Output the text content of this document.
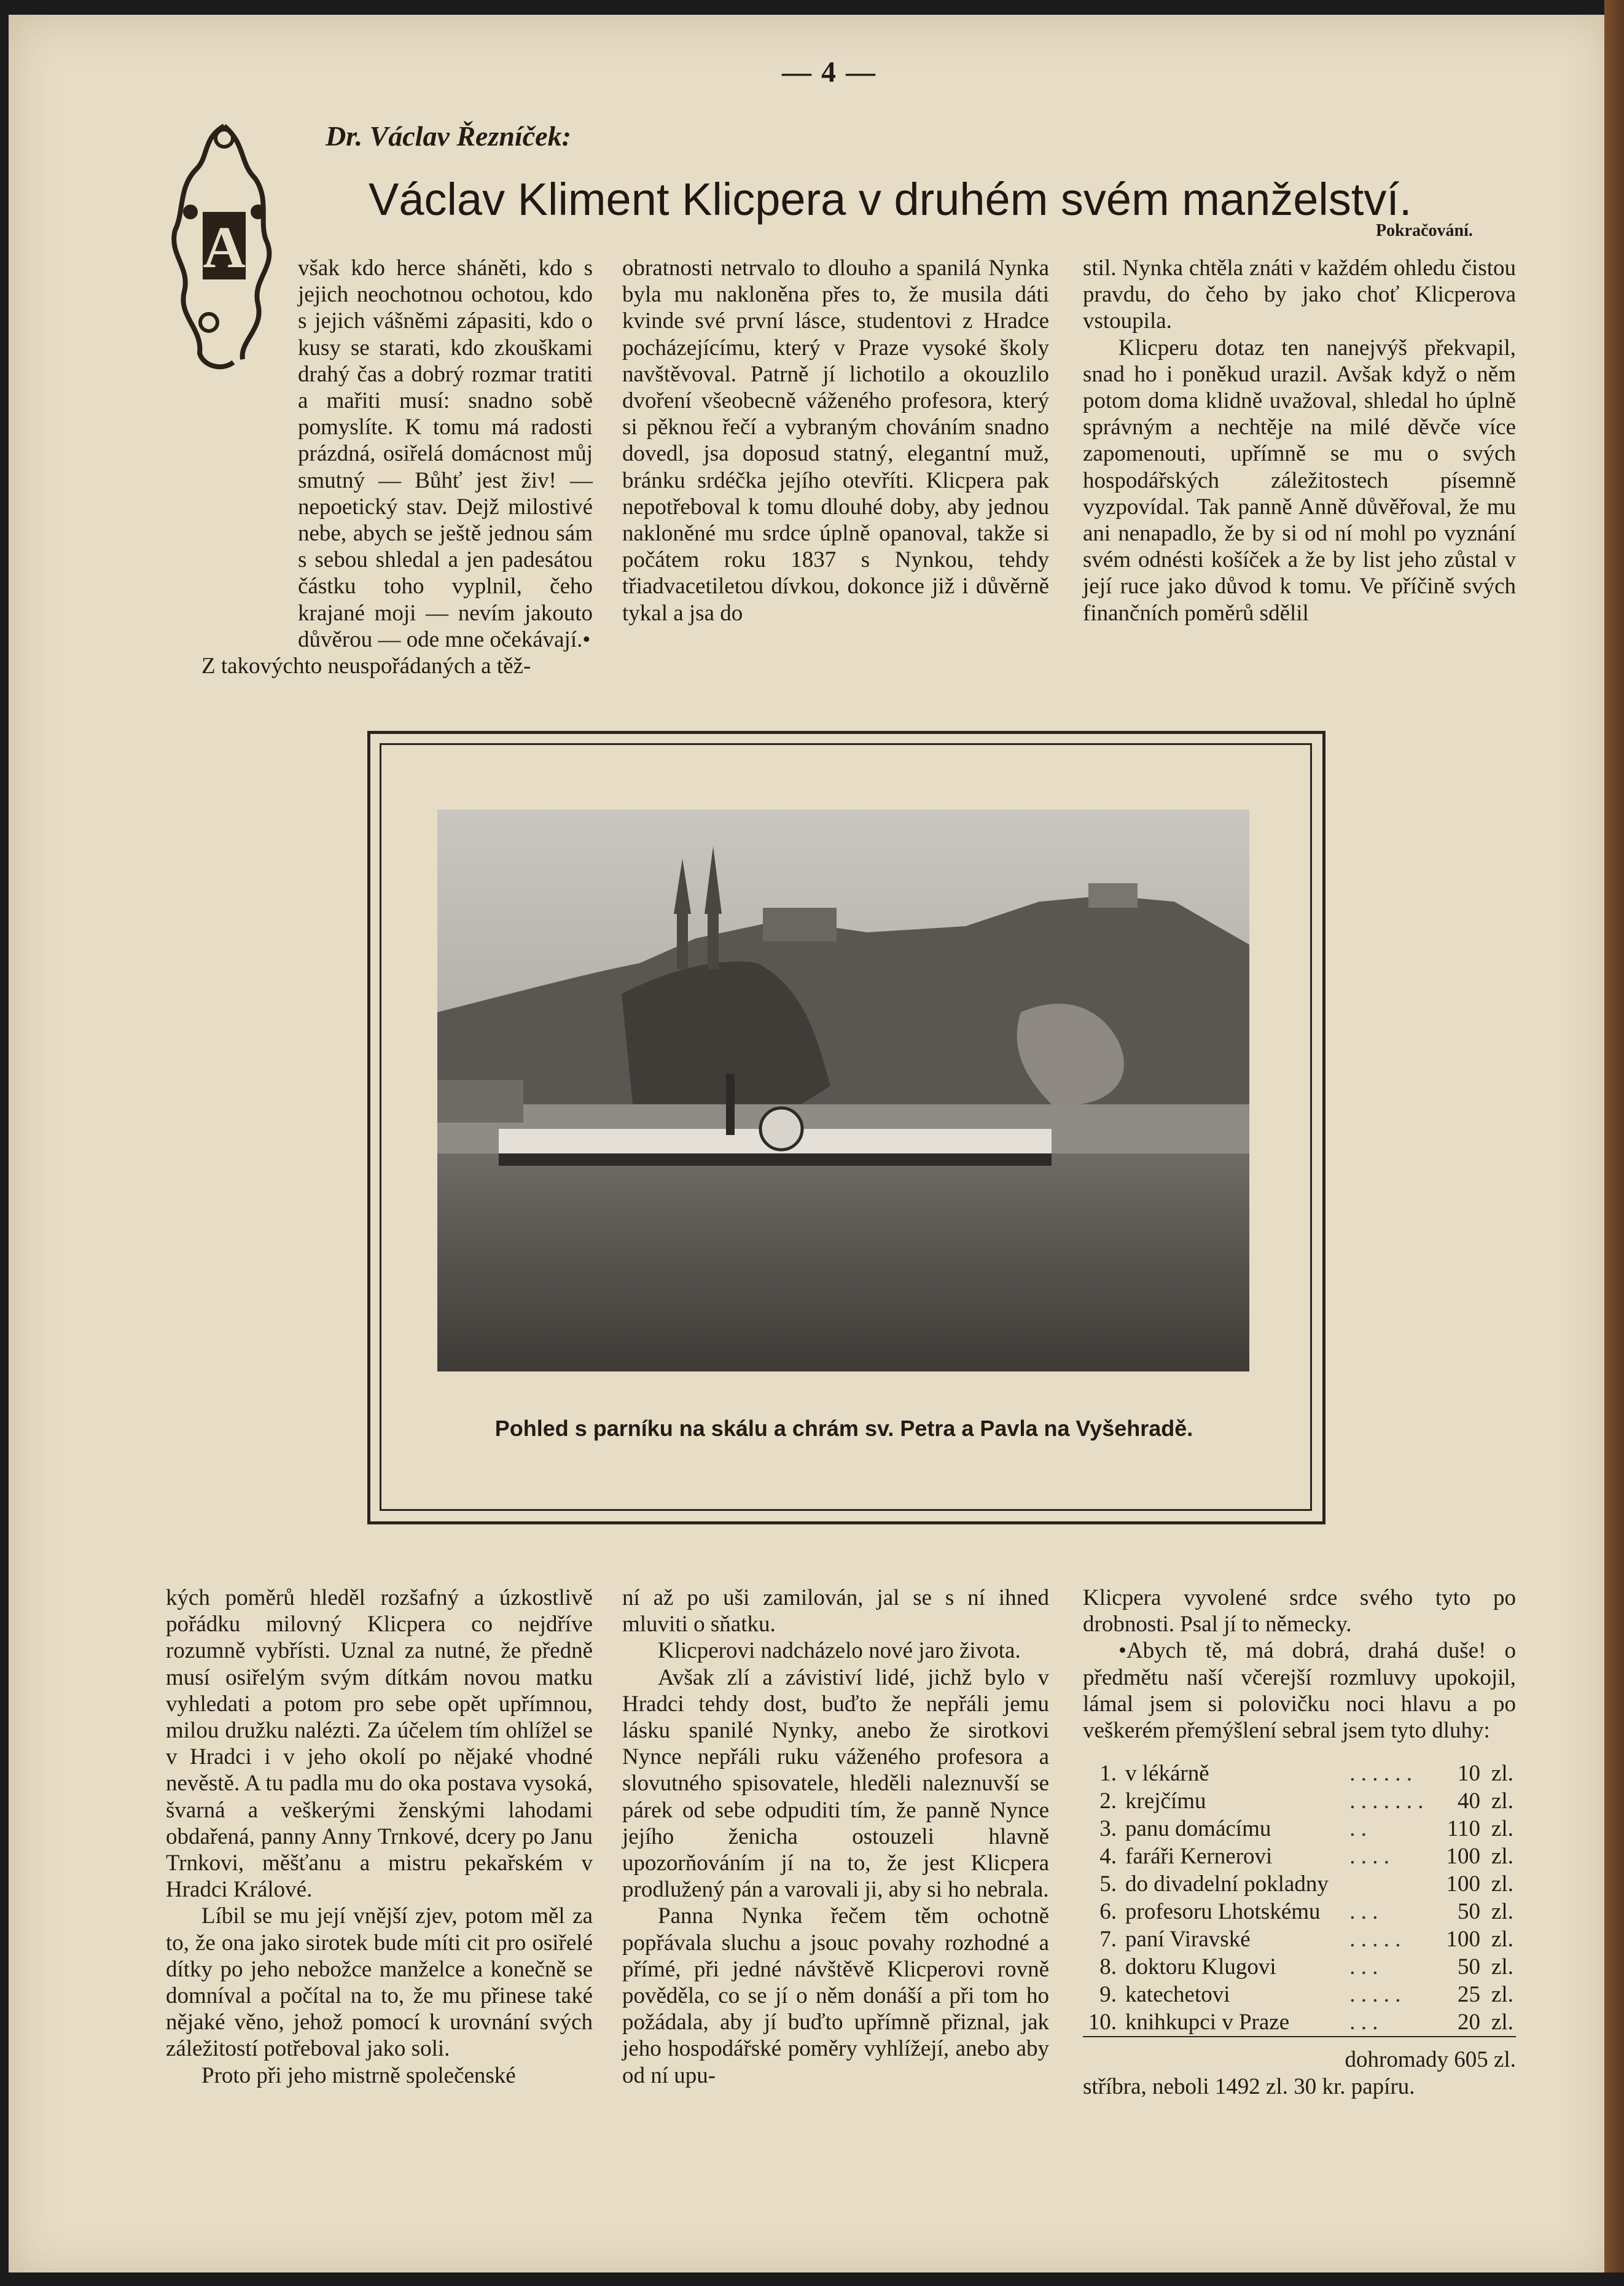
— 4 —
Dr. Václav Řezníček:
Václav Kliment Klicpera v druhém svém manželství.
Pokračování.
A však kdo herce sháněti, kdo s jejich neochotnou ochotou, kdo s jejich vášněmi zápasiti, kdo o kusy se starati, kdo zkouškami drahý čas a dobrý rozmar tratiti a mařiti musí: snadno sobě pomyslíte. K tomu má radosti prázdná, osiřelá domácnost můj smutný — Bůhť jest živ! — nepoetický stav. Dejž milostivé nebe, abych se ještě jednou sám s sebou shledal a jen padesátou částku toho vyplnil, čeho krajané moji — nevím jakouto důvěrou — ode mne očekávají.•

Z takovýchto neuspořádaných a těž-

obratnosti netrvalo to dlouho a spanilá Nynka byla mu nakloněna přes to, že musila dáti kvinde své první lásce, studentovi z Hradce pocházejícímu, který v Praze vysoké školy navštěvoval. Patrně jí lichotilo a okouzlilo dvoření všeobecně váženého profesora, který si pěknou řečí a vybraným chováním snadno dovedl, jsa doposud statný, elegantní muž, bránku srdéčka jejího otevříti. Klicpera pak nepotřeboval k tomu dlouhé doby, aby jednou nakloněné mu srdce úplně opanoval, takže si počátem roku 1837 s Nynkou, tehdy třiadvacetiletou dívkou, dokonce již i důvěrně tykal a jsa do

stil. Nynka chtěla znáti v každém ohledu čistou pravdu, do čeho by jako choť Klicperova vstoupila.

Klicperu dotaz ten nanejvýš překvapil, snad ho i poněkud urazil. Avšak když o něm potom doma klidně uvažoval, shledal ho úplně správným a nechtěje na milé děvče více zapomenouti, upřímně se mu o svých hospodářských záležitostech písemně vyzpovídal. Tak panně Anně důvěřoval, že mu ani nenapadlo, že by si od ní mohl po vyznání svém odnésti košíček a že by list jeho zůstal v její ruce jako důvod k tomu. Ve příčině svých finančních poměrů sdělil

Pohled s parníku na skálu a chrám sv. Petra a Pavla na Vyšehradě.

kých poměrů hleděl rozšafný a úzkostlivě pořádku milovný Klicpera co nejdříve rozumně vybřísti. Uznal za nutné, že předně musí osiřelým svým dítkám novou matku vyhledati a potom pro sebe opět upřímnou, milou družku nalézti. Za účelem tím ohlížel se v Hradci i v jeho okolí po nějaké vhodné nevěstě. A tu padla mu do oka postava vysoká, švarná a veškerými ženskými lahodami obdařená, panny Anny Trnkové, dcery po Janu Trnkovi, měšťanu a mistru pekařském v Hradci Králové.

Líbil se mu její vnější zjev, potom měl za to, že ona jako sirotek bude míti cit pro osiřelé dítky po jeho nebožce manželce a konečně se domníval a počítal na to, že mu přinese také nějaké věno, jehož pomocí k urovnání svých záležitostí potřeboval jako soli.

Proto při jeho mistrně společenské

ní až po uši zamilován, jal se s ní ihned mluviti o sňatku.

Klicperovi nadcházelo nové jaro života.

Avšak zlí a závistiví lidé, jichž bylo v Hradci tehdy dost, buďto že nepřáli jemu lásku spanilé Nynky, anebo že sirotkovi Nynce nepřáli ruku váženého profesora a slovutného spisovatele, hleděli naleznuvší se párek od sebe odpuditi tím, že panně Nynce jejího ženicha ostouzeli hlavně upozorňováním jí na to, že jest Klicpera prodlužený pán a varovali ji, aby si ho nebrala.

Panna Nynka řečem těm ochotně popřávala sluchu a jsouc povahy rozhodné a přímé, při jedné návštěvě Klicperovi rovně pověděla, co se jí o něm donáší a při tom ho požádala, aby jí buďto upřímně přiznal, jak jeho hospodářské poměry vyhlížejí, anebo aby od ní upu-

Klicpera vyvolené srdce svého tyto po drobnosti. Psal jí to německy.

•Abych tě, má dobrá, drahá duše! o předmětu naší včerejší rozmluvy upokojil, lámal jsem si polovičku noci hlavu a po veškerém přemýšlení sebral jsem tyto dluhy:

1.	v lékárně	. . . . . .	10	zl.
2.	krejčímu	. . . . . . .	40	zl.
3.	panu domácímu	. .	110	zl.
4.	faráři Kernerovi	. . . .	100	zl.
5.	do divadelní pokladny		100	zl.
6.	profesoru Lhotskému	. . .	50	zl.
7.	paní Viravské	. . . . .	100	zl.
8.	doktoru Klugovi	. . .	50	zl.
9.	katechetovi	. . . . .	25	zl.
10.	knihkupci v Praze	. . .	20	zl.
dohromady 605 zl.

stříbra, neboli 1492 zl. 30 kr. papíru.
